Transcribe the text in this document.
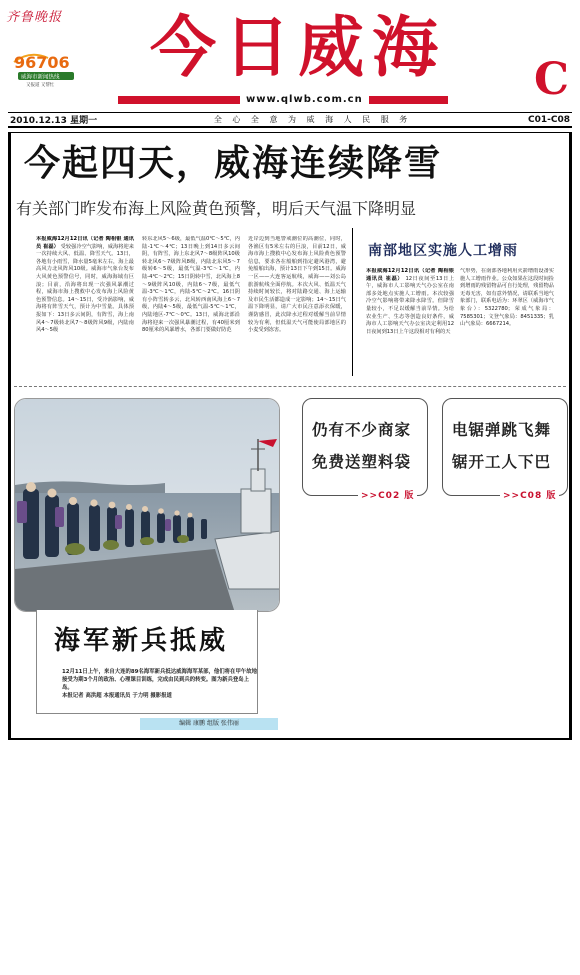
齐鲁晚报
96706
威海市新闻热线
又报道 又帮忙 今日威海
www.qlwb.com.cn	C
2010.12.13 星期一	全 心 全 意 为 威 海 人 民 服 务	C01-C08
今起四天，威海连续降雪
有关部门昨发布海上风险黄色预警，明后天气温下降明显
本报威海12月12日讯（记者 陶相银 通讯员 崔磊） 受较强冷空气影响，威海将迎来一次持续大风、低温、降雪天气。13日，各地有小雨雪，降水量5毫米左右，海上最高风力北风阵风10级。威海市气象台发布大风黄色预警信号，同时，威海海域有巨浪；目前，沿海将出现一次强风暴潮过程，威海市海上搜救中心发布海上风险黄色预警信息。14～15日，受冷涡影响，威海将有阵雪天气，预计为中雪量。具体预报如下：13日多云间阴，有阵雪，海上南风4～7级转北风7～8级阵风9级，内陆南风4～5级
转东北风5～6级，最低气温0℃～5℃，内陆-1℃～4℃；13日晚上到14日多云间阴，有阵雪，海上东北风7～8级阵风10级转北风6～7级阵风8级，内陆北东风5～7级转6～5级，最低气温-3℃～1℃，内陆-4℃～2℃；15日阴转中雪，北风海上8～9级阵风10级，内陆6～7级，最低气温-3℃～1℃，内陆-5℃～2℃。16日阴有小阵雪转多云，北风转西南风海上6～7级，内陆4～5级，最低气温-5℃～1℃，内陆地区-7℃～0℃。13日，威海北部沿海将迎来一次强风暴潮过程，有40厘米到80厘米的风暴增水，各部门要做好防范
近岸边到当地警戒潮位的高潮位，同时，各渔区有5米左右的巨浪，目前12日，威海市海上搜救中心发布海上风险黄色预警信息，要求各在船舶到指定避风港湾，避免船舶出海，预计13日下午到15日。威海一区——大连客运航线，威海——刘公岛旅游航线全面停航。本次大风、低温天气持续时间较长，将对陆路交通、海上运输及市民生活都造成一定影响；14～15日气温下降明显，请广大市民注意添衣保暖，谨防感冒，此次降水过程对缓解当前旱情较为有利，但低温天气可能使局部地区的小麦受到冻害。
南部地区实施人工增雨
本报威海12月12日讯（记者 陶相银 通讯员 崔磊） 12日夜间至13日上午，威海市人工影响天气办公室在南部多处地点实施人工增雨。本次较强冷空气影响将带来降水降雪。但降雪量较小，不足以缓解当前旱情。为给农业生产、生态等创造良好条件，威海市人工影响天气办公室决定利用12日夜间到13日上午这段相对有利的天
气形势，在南部各地利用火箭增雨设备实施人工增雨作业。公众如果在这段时间捡到增雨的残留物品可自行处理，残留物品无毒无害，如有意外情况，请联系当地气象部门，联系电话为：环翠区（威海市气象台）：5322780；荣成气象局：7585301；文登气象局：8451335；乳山气象局：6667214。
海军新兵抵威
12月11日上午，来自大连的89名海军新兵抵达威海海军某部，他们将在甲午故地接受为期3个月的政治、心理课目训练，完成由民到兵的转变。图为新兵登岛上岛。
本报记者 高洪超 本报通讯员 于力明 摄影报道
编辑 康鹏 组版 张伟丽
仍有不少商家
免费送塑料袋
>>C02 版
电锯弹跳飞舞
锯开工人下巴
>>C08 版
